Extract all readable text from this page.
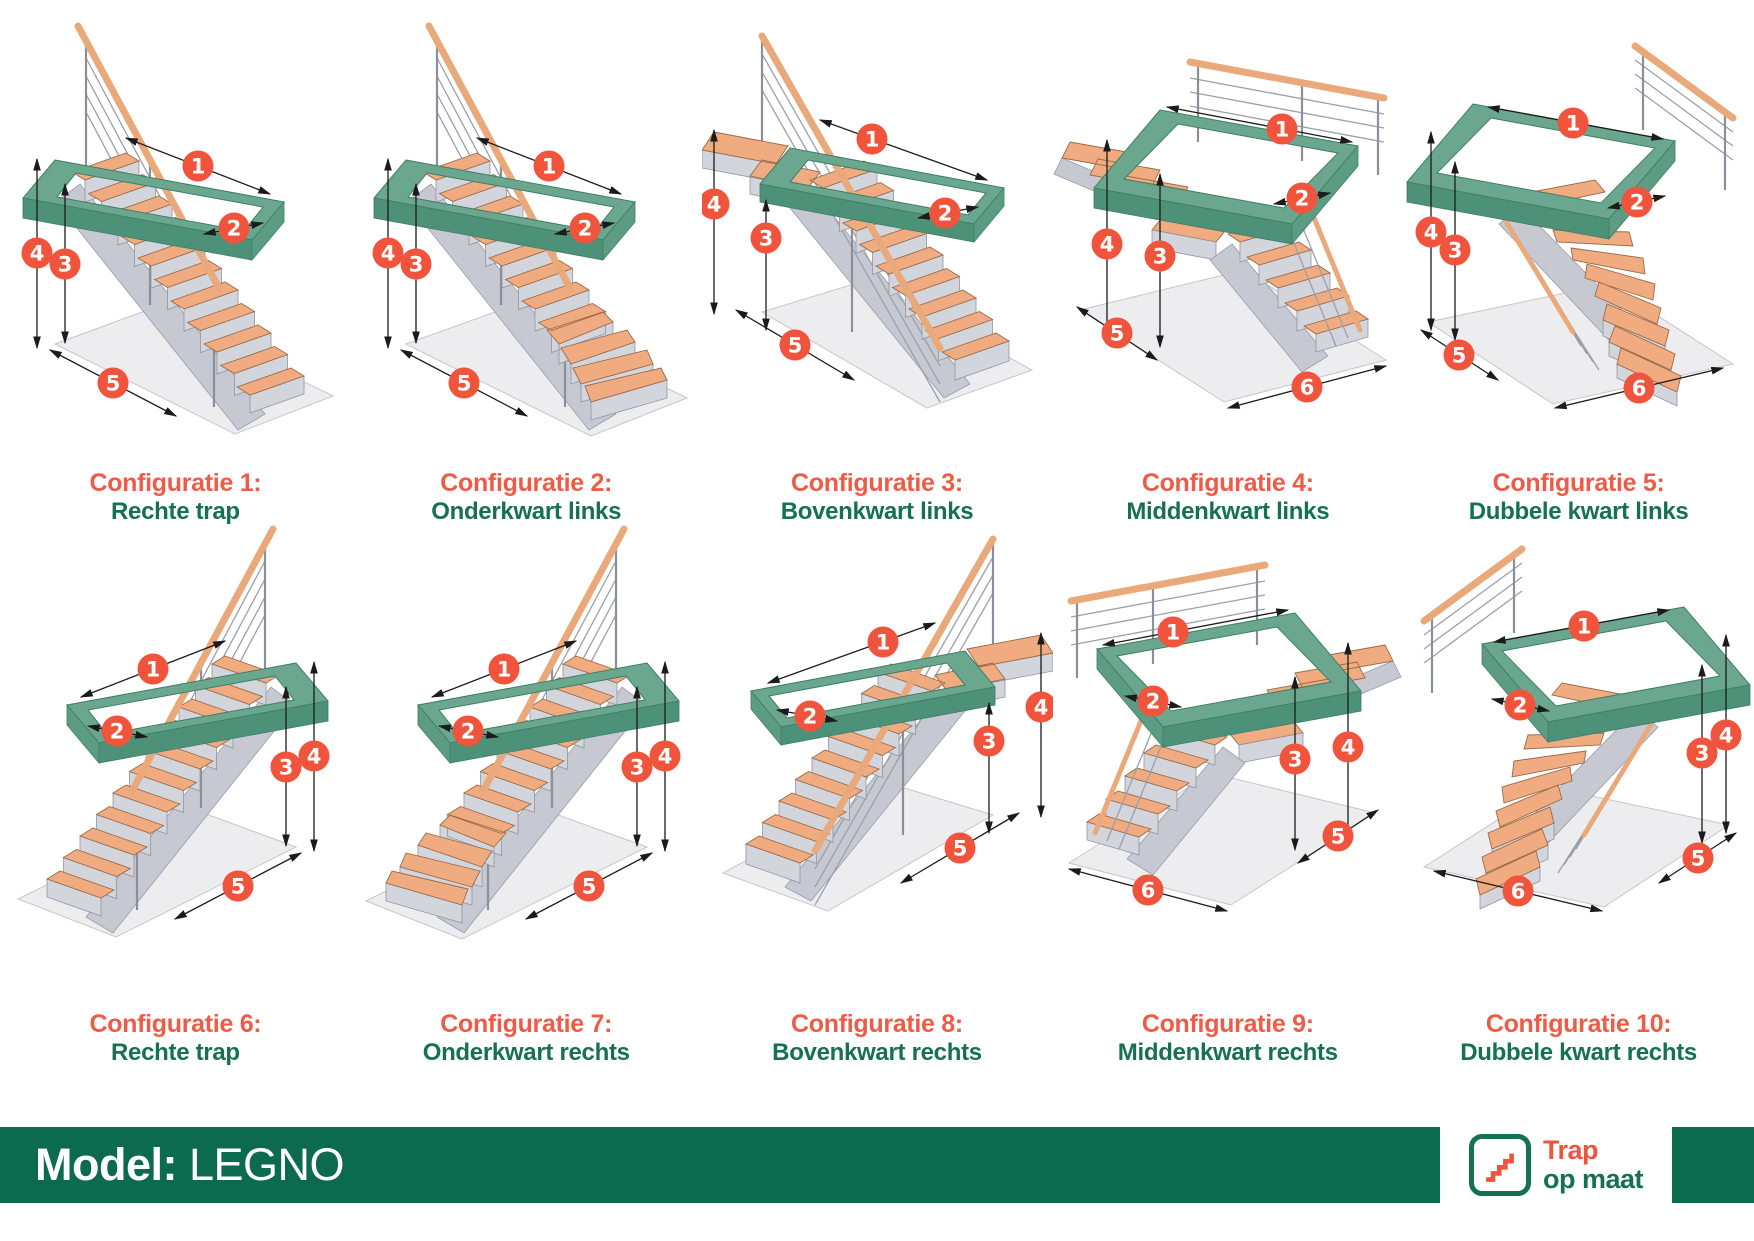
1
2
3
4
5
Configuratie 1:
Rechte trap
1
2
3
4
5
Configuratie 2:
Onderkwart links
1
2
3
4
5
Configuratie 3:
Bovenkwart links
1
2
3
4
5
6
Configuratie 4:
Middenkwart links
1
2
3
4
5
6
Configuratie 5:
Dubbele kwart links
1
2
3 4
5
Configuratie 6:
Rechte trap
1
2
3 4
5
Configuratie 7:
Onderkwart rechts
1
2
3
4
5
Configuratie 8:
Bovenkwart rechts
1
2
3 4
5
6
Configuratie 9:
Middenkwart rechts
1
2
3
4
5
6
Configuratie 10:
Dubbele kwart rechts
Model: LEGNO	Trap
op maat
